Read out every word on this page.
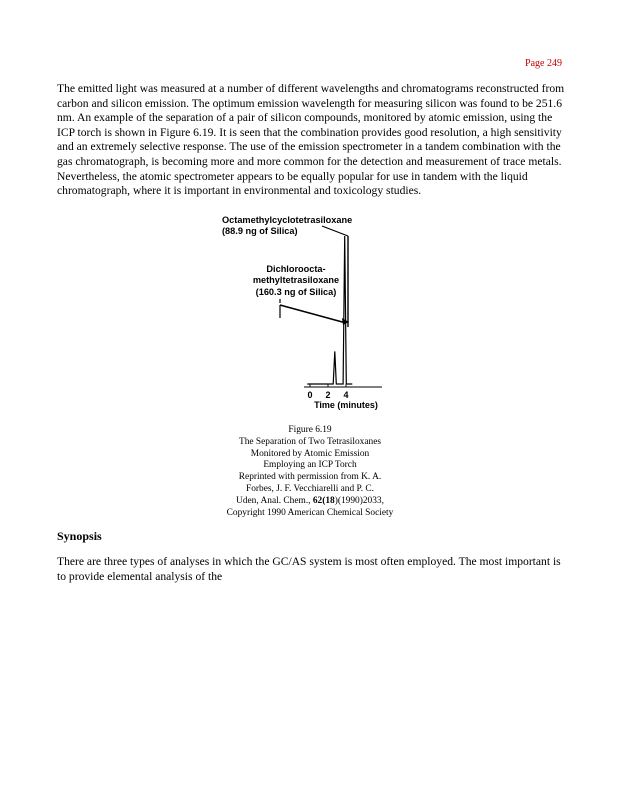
Page 249

The emitted light was measured at a number of different wavelengths and chromatograms reconstructed from carbon and silicon emission. The optimum emission wavelength for measuring silicon was found to be 251.6 nm. An example of the separation of a pair of silicon compounds, monitored by atomic emission, using the ICP torch is shown in Figure 6.19. It is seen that the combination provides good resolution, a high sensitivity and an extremely selective response. The use of the emission spectrometer in a tandem combination with the gas chromatograph, is becoming more and more common for the detection and measurement of trace metals. Nevertheless, the atomic spectrometer appears to be equally popular for use in tandem with the liquid chromatograph, where it is important in environmental and toxicology studies.

Octamethylcyclotetrasiloxane
(88.9 ng of Silica)
Dichloroocta-
methyltetrasiloxane
(160.3 ng of Silica)
0 2 4
Time (minutes)
Figure 6.19
The Separation of Two Tetrasiloxanes
Monitored by Atomic Emission
Employing an ICP Torch
Reprinted with permission from K. A.
Forbes, J. F. Vecchiarelli and P. C.
Uden, Anal. Chem., 62(18)(1990)2033,
Copyright 1990 American Chemical Society
Synopsis

There are three types of analyses in which the GC/AS system is most often employed. The most important is to provide elemental analysis of the
